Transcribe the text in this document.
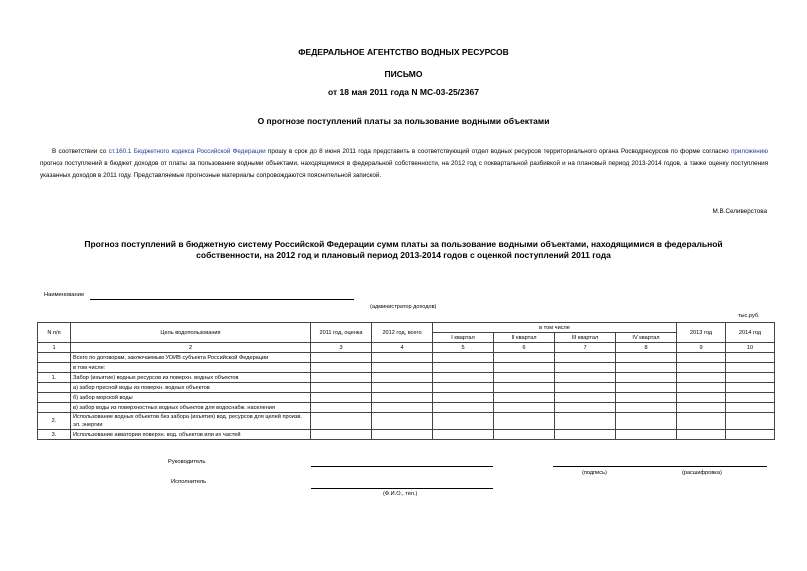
ФЕДЕРАЛЬНОЕ АГЕНТСТВО ВОДНЫХ РЕСУРСОВ
ПИСЬМО
от 18 мая 2011 года N МС-03-25/2367
О прогнозе поступлений платы за пользование водными объектами
В соответствии со ст.160.1 Бюджетного кодекса Российской Федерации прошу в срок до 8 июня 2011 года представить в соответствующий отдел водных ресурсов территориального органа Росводресурсов по форме согласно приложению прогноз поступлений в бюджет доходов от платы за пользование водными объектами, находящимися в федеральной собственности, на 2012 год с поквартальной разбивкой и на плановый период 2013-2014 годов, а также оценку поступления указанных доходов в 2011 году. Представляемые прогнозные материалы сопровождаются пояснительной запиской.
М.В.Селиверстова
Прогноз поступлений в бюджетную систему Российской Федерации сумм платы за пользование водными объектами, находящимися в федеральной собственности, на 2012 год и плановый период 2013-2014 годов с оценкой поступлений 2011 года
Наименование
(администратор доходов)
тыс.руб.
N п/п	Цель водопользования	2011 год, оценка	2012 год, всего	в том числе				2013 год	2014 год
				I квартал	II квартал	III квартал	IV квартал		
1	2	3	4	5	6	7	8	9	10
	Всего по договорам, заключаемым УОИВ субъекта Российской Федерации								
	в том числе:								
1.	Забор (изъятие) водных ресурсов из поверхн. водных объектов								
	а) забор пресной воды из поверхн. водных объектов								
	б) забор морской воды								
	в) забор воды из поверхностных водных объектов для водоснабж. населения								
2.	Использование водных объектов без забора (изъятия) вод. ресурсов для целей произв. эл. энергии								
3.	Использование акватории поверхн. вод. объектов или их частей								
Руководитель
(подпись)	(расшифровка)
Исполнитель
(Ф.И.О., тел.)
